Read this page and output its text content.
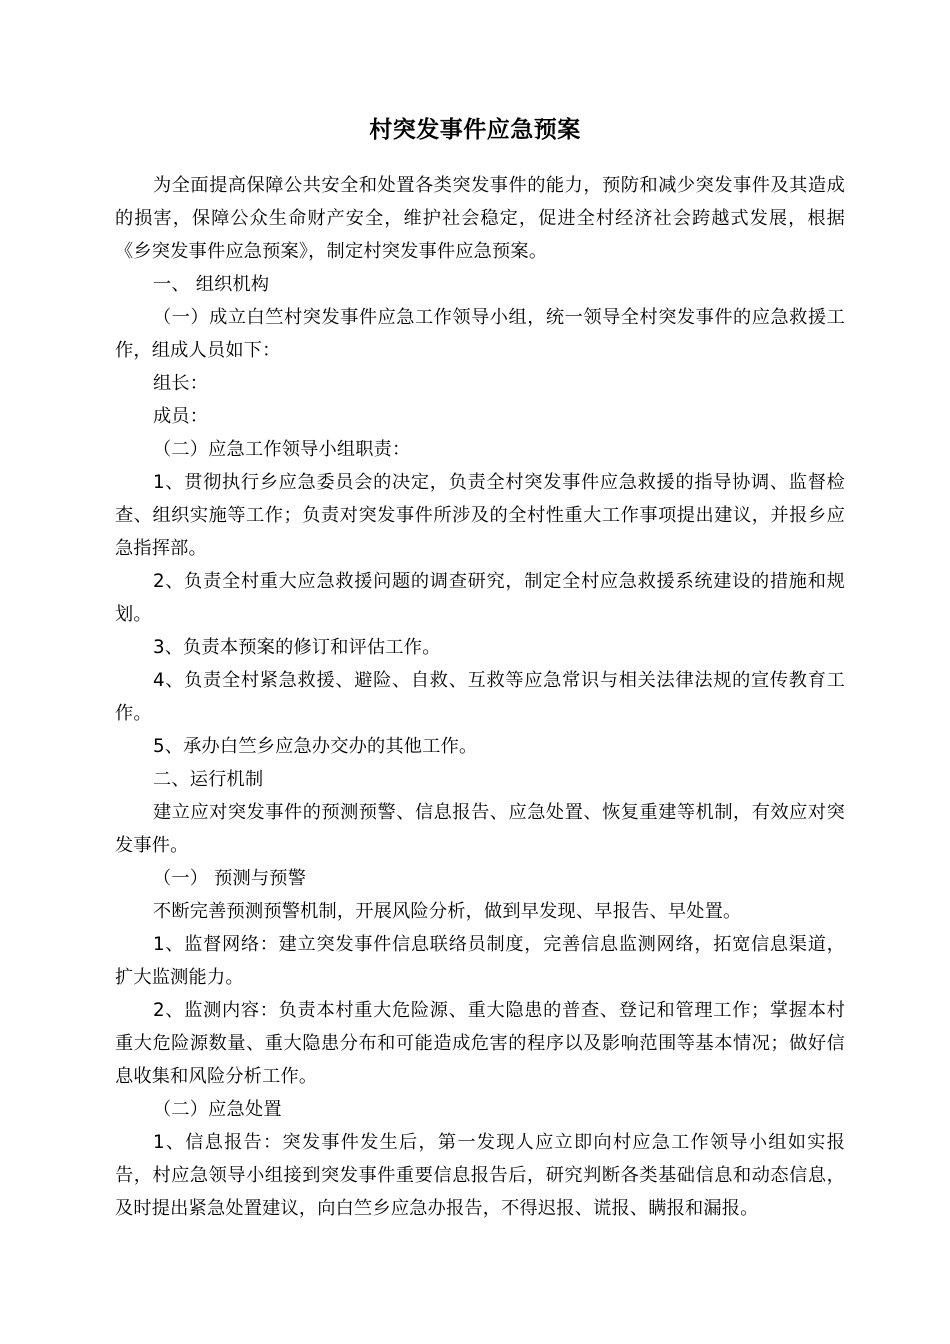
村突发事件应急预案

为全面提高保障公共安全和处置各类突发事件的能力，预防和减少突发事件及其造成的损害，保障公众生命财产安全，维护社会稳定，促进全村经济社会跨越式发展，根据《乡突发事件应急预案》，制定村突发事件应急预案。

一、 组织机构

（一）成立白竺村突发事件应急工作领导小组，统一领导全村突发事件的应急救援工作，组成人员如下：

组长：

成员：

（二）应急工作领导小组职责：

1、贯彻执行乡应急委员会的决定，负责全村突发事件应急救援的指导协调、监督检查、组织实施等工作；负责对突发事件所涉及的全村性重大工作事项提出建议，并报乡应急指挥部。

2、负责全村重大应急救援问题的调查研究，制定全村应急救援系统建设的措施和规划。

3、负责本预案的修订和评估工作。

4、负责全村紧急救援、避险、自救、互救等应急常识与相关法律法规的宣传教育工作。

5、承办白竺乡应急办交办的其他工作。

二、运行机制

建立应对突发事件的预测预警、信息报告、应急处置、恢复重建等机制，有效应对突发事件。

（一） 预测与预警

不断完善预测预警机制，开展风险分析，做到早发现、早报告、早处置。

1、监督网络：建立突发事件信息联络员制度，完善信息监测网络，拓宽信息渠道，扩大监测能力。

2、监测内容：负责本村重大危险源、重大隐患的普查、登记和管理工作；掌握本村重大危险源数量、重大隐患分布和可能造成危害的程序以及影响范围等基本情况；做好信息收集和风险分析工作。

（二）应急处置

1、信息报告：突发事件发生后，第一发现人应立即向村应急工作领导小组如实报告，村应急领导小组接到突发事件重要信息报告后，研究判断各类基础信息和动态信息，及时提出紧急处置建议，向白竺乡应急办报告，不得迟报、谎报、瞒报和漏报。
